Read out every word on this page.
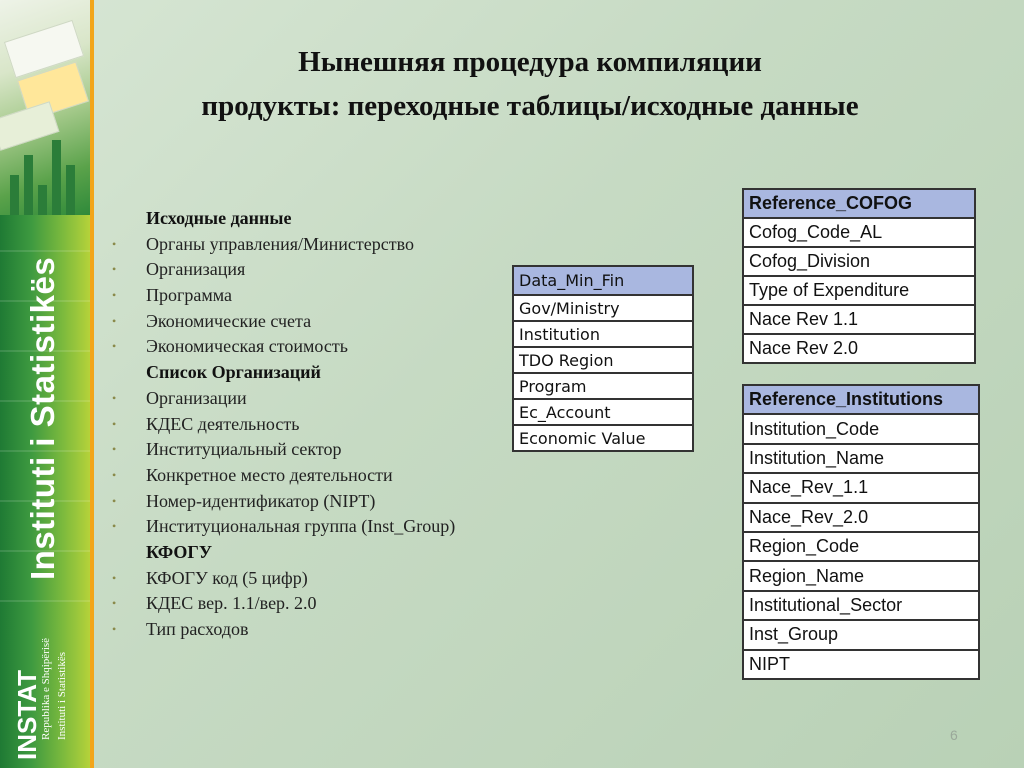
Instituti i Statistikës
INSTAT
Republika e Shqipërisë Instituti i Statistikës
Нынешняя процедура компиляции
продукты: переходные таблицы/исходные данные
Исходные данные
• Органы управления/Министерство
• Организация
• Программа
• Экономические счета
• Экономическая стоимость
Список Организаций
• Организации
• КДЕС деятельность
• Институциальный сектор
• Конкретное место деятельности
• Номер-идентификатор (NIPT)
• Институциональная группа (Inst_Group)
КФОГУ
• КФОГУ код (5 цифр)
• КДЕС вер. 1.1/вер. 2.0
• Тип расходов
Data_Min_Fin
Gov/Ministry
Institution
TDO Region
Program
Ec_Account
Economic Value
Reference_COFOG
Cofog_Code_AL
Cofog_Division
Type of Expenditure
Nace Rev 1.1
Nace Rev 2.0
Reference_Institutions
Institution_Code
Institution_Name
Nace_Rev_1.1
Nace_Rev_2.0
Region_Code
Region_Name
Institutional_Sector
Inst_Group
NIPT
6
